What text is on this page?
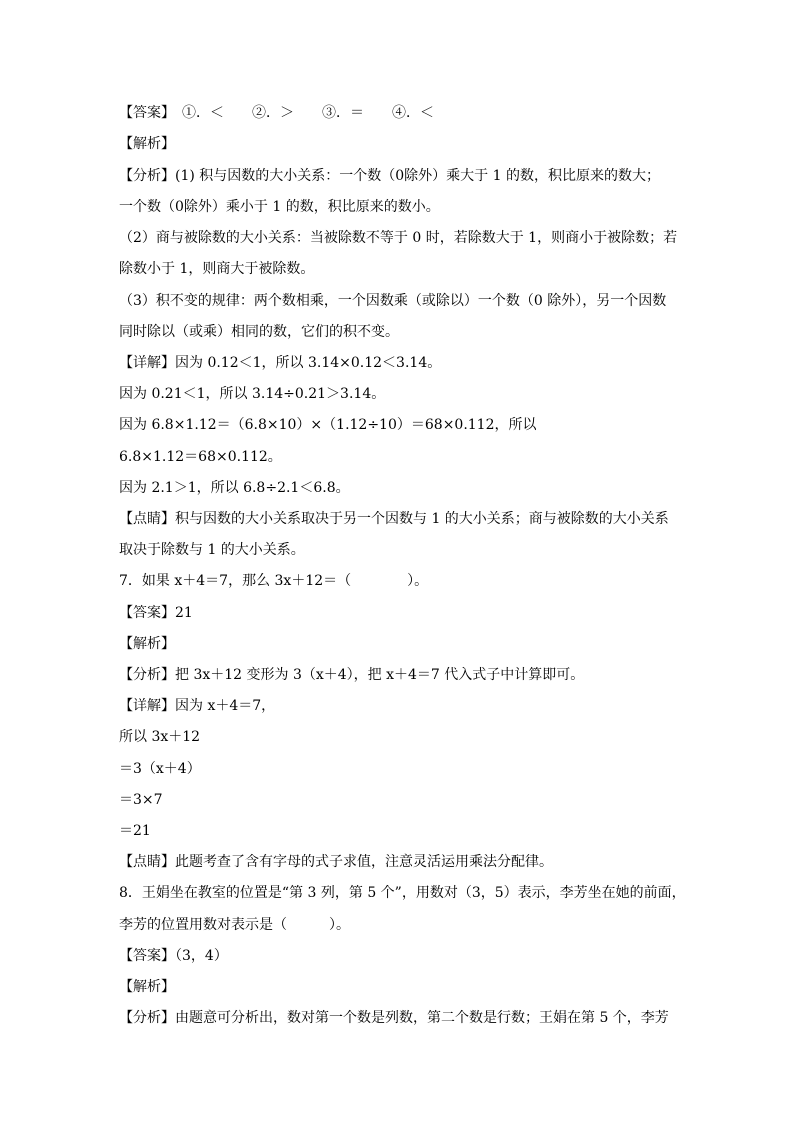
【答案】　①．＜　　②．＞　　③．＝　　④．＜
【解析】
【分析】(1) 积与因数的大小关系：一个数（0除外）乘大于 1 的数，积比原来的数大；
一个数（0除外）乘小于 1 的数，积比原来的数小。
（2）商与被除数的大小关系：当被除数不等于 0 时，若除数大于 1，则商小于被除数；若
除数小于 1，则商大于被除数。
（3）积不变的规律：两个数相乘，一个因数乘（或除以）一个数（0 除外），另一个因数
同时除以（或乘）相同的数，它们的积不变。
【详解】因为 0.12＜1，所以 3.14×0.12＜3.14。
因为 0.21＜1，所以 3.14÷0.21＞3.14。
因为 6.8×1.12＝（6.8×10）×（1.12÷10）＝68×0.112，所以
6.8×1.12＝68×0.112。
因为 2.1＞1，所以 6.8÷2.1＜6.8。
【点睛】积与因数的大小关系取决于另一个因数与 1 的大小关系；商与被除数的大小关系
取决于除数与 1 的大小关系。
7．如果 x＋4＝7，那么 3x＋12＝（　　　　）。
【答案】21
【解析】
【分析】把 3x＋12 变形为 3（x＋4），把 x＋4＝7 代入式子中计算即可。
【详解】因为 x＋4＝7，
所以 3x＋12
＝3（x＋4）
＝3×7
＝21
【点睛】此题考查了含有字母的式子求值，注意灵活运用乘法分配律。
8．王娟坐在教室的位置是“第 3 列，第 5 个”，用数对（3，5）表示，李芳坐在她的前面，
李芳的位置用数对表示是（　　　）。
【答案】（3，4）
【解析】
【分析】由题意可分析出，数对第一个数是列数，第二个数是行数；王娟在第 5 个，李芳
